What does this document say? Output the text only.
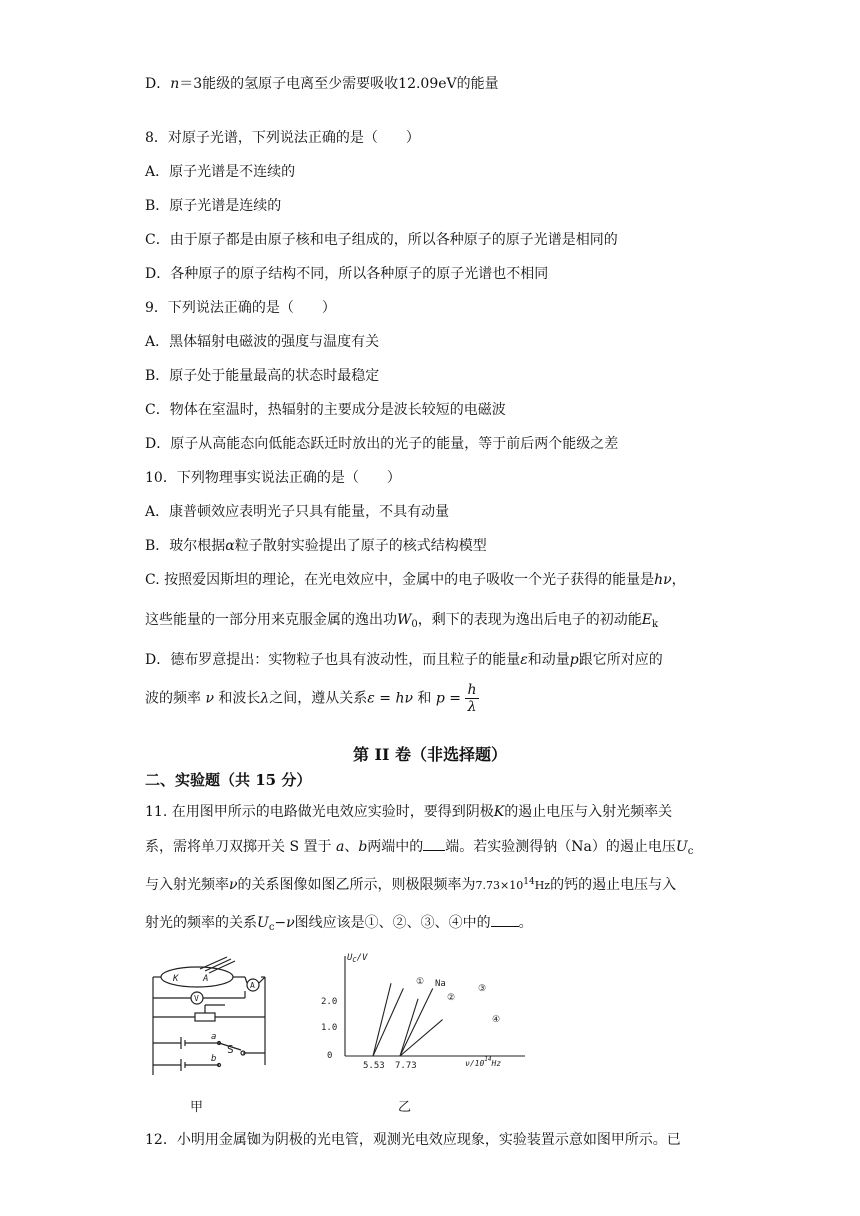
D．n＝3能级的氢原子电离至少需要吸收12.09eV的能量
8．对原子光谱，下列说法正确的是（　　）
A．原子光谱是不连续的
B．原子光谱是连续的
C．由于原子都是由原子核和电子组成的，所以各种原子的原子光谱是相同的
D．各种原子的原子结构不同，所以各种原子的原子光谱也不相同
9．下列说法正确的是（　　）
A．黑体辐射电磁波的强度与温度有关
B．原子处于能量最高的状态时最稳定
C．物体在室温时，热辐射的主要成分是波长较短的电磁波
D．原子从高能态向低能态跃迁时放出的光子的能量，等于前后两个能级之差
10．下列物理事实说法正确的是（　　）
A．康普顿效应表明光子只具有能量，不具有动量
B．玻尔根据α粒子散射实验提出了原子的核式结构模型
C. 按照爱因斯坦的理论，在光电效应中，金属中的电子吸收一个光子获得的能量是hν，
这些能量的一部分用来克服金属的逸出功$W_0$，剩下的表现为逸出后电子的初动能$E_k$
D．德布罗意提出：实物粒子也具有波动性，而且粒子的能量ε和动量p跟它所对应的
波的频率 ν 和波长λ之间，遵从关系ε = hν 和 $p = \frac{h}{\lambda}$
第 II 卷（非选择题）
二、实验题（共 15 分）
11. 在用图甲所示的电路做光电效应实验时，要得到阴极K的遏止电压与入射光频率关
系，需将单刀双掷开关 S 置于 a、b两端中的 端。若实验测得钠（Na）的遏止电压$U_c$
与入射光频率ν的关系图像如图乙所示，则极限频率为$7.73\times 10^{14}Hz$的钙的遏止电压与入
射光的频率的关系$U_c-\nu$图线应该是①、②、③、④中的 。
K	A
V
A
a
b
S
甲
$U_C/V$
2.0
1.0
0
5.53 7.73	$\nu/10^{14}Hz$
① Na
②
③
④
乙
12．小明用金属铷为阴极的光电管，观测光电效应现象，实验装置示意如图甲所示。已
